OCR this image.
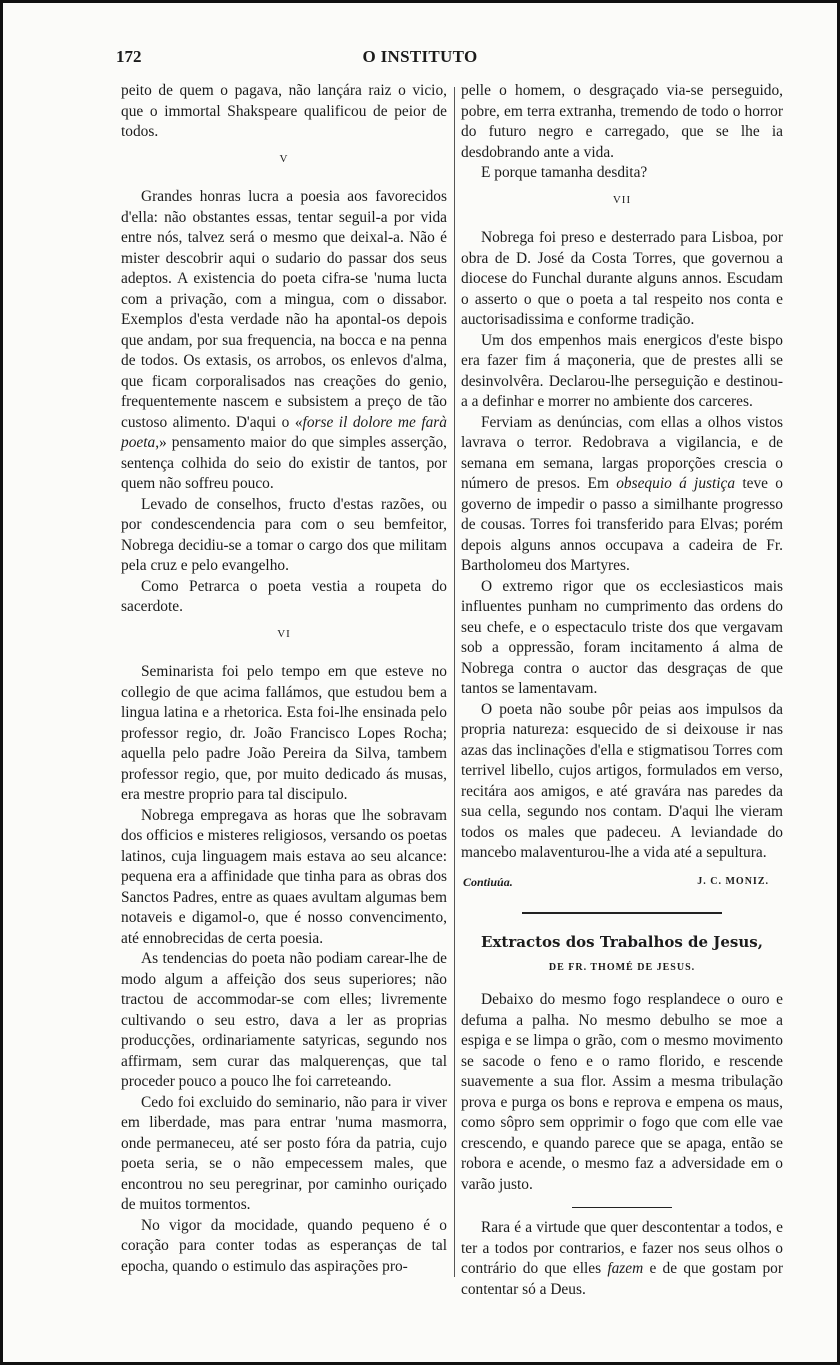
172	O INSTITUTO

peito de quem o pagava, não lançára raiz o vicio, que o immortal Shakspeare qualificou de peior de todos.

V

Grandes honras lucra a poesia aos favorecidos d'ella: não obstantes essas, tentar seguil-a por vida entre nós, talvez será o mesmo que deixal-a. Não é mister descobrir aqui o sudario do passar dos seus adeptos. A existencia do poeta cifra-se 'numa lucta com a privação, com a mingua, com o dissabor. Exemplos d'esta verdade não ha apontal-os depois que andam, por sua frequencia, na bocca e na penna de todos. Os extasis, os arrobos, os enlevos d'alma, que ficam corporalisados nas creações do genio, frequentemente nascem e subsistem a preço de tão custoso alimento. D'aqui o «forse il dolore me farà poeta,» pensamento maior do que simples asserção, sentença colhida do seio do existir de tantos, por quem não soffreu pouco.

Levado de conselhos, fructo d'estas razões, ou por condescendencia para com o seu bemfeitor, Nobrega decidiu-se a tomar o cargo dos que militam pela cruz e pelo evangelho.

Como Petrarca o poeta vestia a roupeta do sacerdote.

VI

Seminarista foi pelo tempo em que esteve no collegio de que acima fallámos, que estudou bem a lingua latina e a rhetorica. Esta foi-lhe ensinada pelo professor regio, dr. João Francisco Lopes Rocha; aquella pelo padre João Pereira da Silva, tambem professor regio, que, por muito dedicado ás musas, era mestre proprio para tal discipulo.

Nobrega empregava as horas que lhe sobravam dos officios e misteres religiosos, versando os poetas latinos, cuja linguagem mais estava ao seu alcance: pequena era a affinidade que tinha para as obras dos Sanctos Padres, entre as quaes avultam algumas bem notaveis e digamol-o, que é nosso convencimento, até ennobrecidas de certa poesia.

As tendencias do poeta não podiam carear-lhe de modo algum a affeição dos seus superiores; não tractou de accommodar-se com elles; livremente cultivando o seu estro, dava a ler as proprias producções, ordinariamente satyricas, segundo nos affirmam, sem curar das malquerenças, que tal proceder pouco a pouco lhe foi carreteando.

Cedo foi excluido do seminario, não para ir viver em liberdade, mas para entrar 'numa masmorra, onde permaneceu, até ser posto fóra da patria, cujo poeta seria, se o não empecessem males, que encontrou no seu peregrinar, por caminho ouriçado de muitos tormentos.

No vigor da mocidade, quando pequeno é o coração para conter todas as esperanças de tal epocha, quando o estimulo das aspirações pro-

pelle o homem, o desgraçado via-se perseguido, pobre, em terra extranha, tremendo de todo o horror do futuro negro e carregado, que se lhe ia desdobrando ante a vida.

E porque tamanha desdita?

VII

Nobrega foi preso e desterrado para Lisboa, por obra de D. José da Costa Torres, que governou a diocese do Funchal durante alguns annos. Escudam o asserto o que o poeta a tal respeito nos conta e auctorisadissima e conforme tradição.

Um dos empenhos mais energicos d'este bispo era fazer fim á maçoneria, que de prestes alli se desinvolvêra. Declarou-lhe perseguição e destinou-a a definhar e morrer no ambiente dos carceres.

Ferviam as denúncias, com ellas a olhos vistos lavrava o terror. Redobrava a vigilancia, e de semana em semana, largas proporções crescia o número de presos. Em obsequio á justiça teve o governo de impedir o passo a similhante progresso de cousas. Torres foi transferido para Elvas; porém depois alguns annos occupava a cadeira de Fr. Bartholomeu dos Martyres.

O extremo rigor que os ecclesiasticos mais influentes punham no cumprimento das ordens do seu chefe, e o espectaculo triste dos que vergavam sob a oppressão, foram incitamento á alma de Nobrega contra o auctor das desgraças de que tantos se lamentavam.

O poeta não soube pôr peias aos impulsos da propria natureza: esquecido de si deixouse ir nas azas das inclinações d'ella e stigmatisou Torres com terrivel libello, cujos artigos, formulados em verso, recitára aos amigos, e até gravára nas paredes da sua cella, segundo nos contam. D'aqui lhe vieram todos os males que padeceu. A leviandade do mancebo malaventurou-lhe a vida até a sepultura.

Contiuúa.	J. C. MONIZ.
Extractos dos Trabalhos de Jesus,
DE FR. THOMÉ DE JESUS.

Debaixo do mesmo fogo resplandece o ouro e defuma a palha. No mesmo debulho se moe a espiga e se limpa o grão, com o mesmo movimento se sacode o feno e o ramo florido, e rescende suavemente a sua flor. Assim a mesma tribulação prova e purga os bons e reprova e empena os maus, como sôpro sem opprimir o fogo que com elle vae crescendo, e quando parece que se apaga, então se robora e acende, o mesmo faz a adversidade em o varão justo.

Rara é a virtude que quer descontentar a todos, e ter a todos por contrarios, e fazer nos seus olhos o contrário do que elles fazem e de que gostam por contentar só a Deus.
